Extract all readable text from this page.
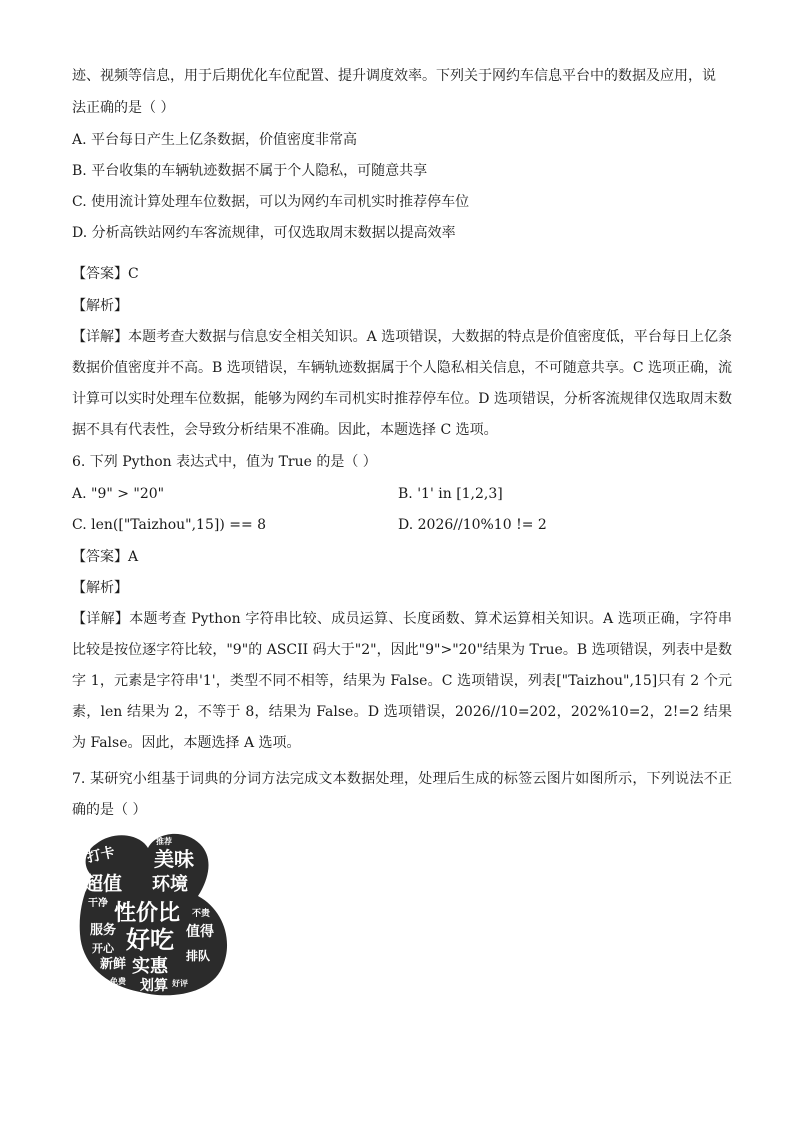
迹、视频等信息，用于后期优化车位配置、提升调度效率。下列关于网约车信息平台中的数据及应用，说
法正确的是（ ）
A. 平台每日产生上亿条数据，价值密度非常高
B. 平台收集的车辆轨迹数据不属于个人隐私，可随意共享
C. 使用流计算处理车位数据，可以为网约车司机实时推荐停车位
D. 分析高铁站网约车客流规律，可仅选取周末数据以提高效率
【答案】C
【解析】
【详解】本题考查大数据与信息安全相关知识。A 选项错误，大数据的特点是价值密度低，平台每日上亿条数据价值密度并不高。B 选项错误，车辆轨迹数据属于个人隐私相关信息，不可随意共享。C 选项正确，流计算可以实时处理车位数据，能够为网约车司机实时推荐停车位。D 选项错误，分析客流规律仅选取周末数据不具有代表性，会导致分析结果不准确。因此，本题选择 C 选项。
6. 下列 Python 表达式中，值为 True 的是（ ）
A. "9" > "20"	B. '1' in [1,2,3]
C. len(["Taizhou",15]) == 8	D. 2026//10%10 != 2
【答案】A
【解析】
【详解】本题考查 Python 字符串比较、成员运算、长度函数、算术运算相关知识。A 选项正确，字符串比较是按位逐字符比较，"9"的 ASCII 码大于"2"，因此"9">"20"结果为 True。B 选项错误，列表中是数字 1，元素是字符串'1'，类型不同不相等，结果为 False。C 选项错误，列表["Taizhou",15]只有 2 个元素，len 结果为 2，不等于 8，结果为 False。D 选项错误，2026//10=202，202%10=2，2!=2 结果为 False。因此，本题选择 A 选项。
7. 某研究小组基于词典的分词方法完成文本数据处理，处理后生成的标签云图片如图所示，下列说法不正确的是（ ）
打卡 美味
超值 环境
干净 性价比 不贵
值得
服务 好吃
开心
新鲜	排队
实惠
划算
免费
推荐
好评
